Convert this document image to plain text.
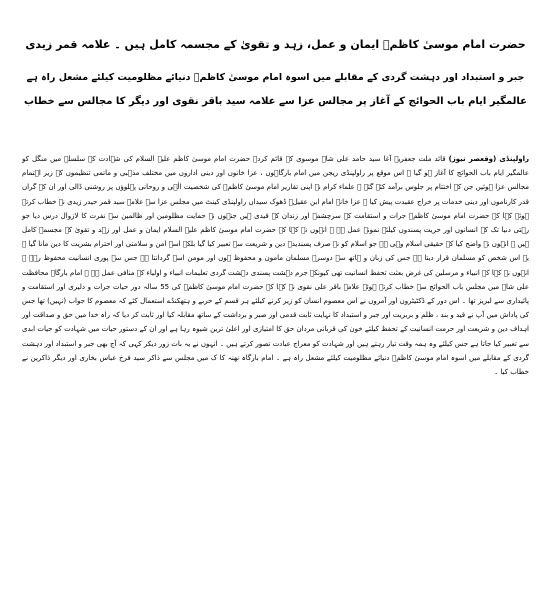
حضرت امام موسیٰ کاظمؑ ایمان و عمل، زہد و تقویٰ کے مجسمہ کامل ہیں ۔ علامہ قمر زیدی
جبر و استبداد اور دہشت گردی کے مقابلے میں اسوہ امام موسیٰ کاظمؑ دنیائے مظلومیت کیلئے مشعل راہ ہے
عالمگیر ایام باب الحوائج کے آغاز پر مجالس عزا سے علامہ سید باقر نقوی اور دیگر کا مجالس سے خطاب

راولپنڈی (وقعصر نیوز) قائد ملت جعفریہ آغا سید حامد علی شاہ موسوی کے قائم کردہ حضرت امام موسیٰ کاظم علیہ السلام کی شہادت کے سلسلے میں منگل کو عالمگیر ایام باب الحوائج کا آغاز ہو گیا ۔ اس موقع پر راولپنڈی ریجن میں امام بارگاہوں ، عزا خانوں اور دینی اداروں میں مختلف مذہبی و ماتمی تنظیموں کے زیر اہتمام مجالس عزا ہوئیں جن کے اختتام پر جلوس برآمد کئے گئے ۔ علماء کرام نے اپنی تقاریر امام موسیٰ کاظمؑ کی شخصیت الٰہی و روحانی پہلوؤں پر روشنی ڈالی اور ان کے گراں قدر کارناموں اور دینی خدمات پر خراج عقیدت پیش کیا ۔ عزا خانہ امام ابن عقیلؑ ڈھوک سیداں راولپنڈی کینٹ میں مجلس عزا سے علامہ سید قمر حیدر زیدی نے خطاب کرتے ہوئے کہا کہ حضرت امام موسیٰ کاظمؑ جرات و استقامت کے سرچشمہ اور زندان کے قیدی ہیں جنہوں نے حمایت مظلومین اور ظالمین سے نفرت کا لازوال درس دیا جو رہتی دنیا تک کے انسانوں اور حریت پسندوں کیلئے نمونہ عمل ہے ۔ انہوں نے کہا کہ حضرت امام موسیٰ کاظم علیہ السلام ایمان و عمل اور زہد و تقویٰ کے مجسمہ کامل ہیں ۔ انہوں نے واضح کیا کہ حقیقی اسلام وہی ہے جو اسلام کو نہ صرف پسندیدہ دین و شریعت سے تعبیر کیا گیا بلکہ اسے امن و سلامتی اور احترام بشریت کا دین مانا گیا ۔ یہ اس شخص کو مسلمان قرار دیتا ہے جس کی زبان و ہاتھ سے دوسرے مسلمان مامون و محفوظ ہوں اور مومن اسے گردانتا ہے جس سے پوری انسانیت محفوظ رہے ۔ انہوں نے کہا کہ انبیاء و مرسلین کی غرض بعثت تحفظ انسانیت تھی کیونکہ جرم دہشت پسندی دہشت گردی تعلیمات انبیاء و اولیاء کے منافی عمل ہے ۔ امام بارگاہ محافظت علی شاہ میں مجلس باب الحوائج سے خطاب کرتے ہوئے علامہ باقر علی نقوی نے کہا کہ حضرت امام موسیٰ کاظمؑ کی 55 سالہ دور حیات جرات و دلیری اور استقامت و پائیداری سے لبریز تھا ۔ اس دور کے ڈکٹیٹروں اور آمروں نے اس معصوم انسان کو زیر کرنے کیلئے ہر قسم کے حربے و ہتھکنڈے استعمال کئے کہ معصوم کا جواب (نہیں) تھا جس کی پاداش میں آپ نے قید و بند ، ظلم و بربریت اور جبر و استبداد کا نہایت ثابت قدمی اور صبر و برداشت کے ساتھ مقابلہ کیا اور ثابت کر دیا کہ راہ خدا میں حق و صداقت اور اہداف دین و شریعت اور حرمت انسانیت کے تحفظ کیلئے خون کی قربانی مردان حق کا امتیازی اور اعلیٰ ترین شیوہ رہا ہے اور ان کے دستور حیات میں شہادت کو حیات ابدی سے تعبیر کیا جاتا ہے جس کیلئے وہ ہمہ وقت تیار رہتے ہیں اور شہادت کو معراج عبادت تصور کرتے ہیں ۔ انہوں نے یہ بات زور دیکر کہی کہ آج بھی جبر و استبداد اور دہشت گردی کے مقابلے میں اسوہ امام موسیٰ کاظمؑ دنیائے مظلومیت کیلئے مشعل راہ ہے ۔ امام بارگاہ نھنہ کا ک میں مجلس سے ذاکر سید فرخ عباس بخاری اور دیگر ذاکرین نے خطاب کیا ۔
